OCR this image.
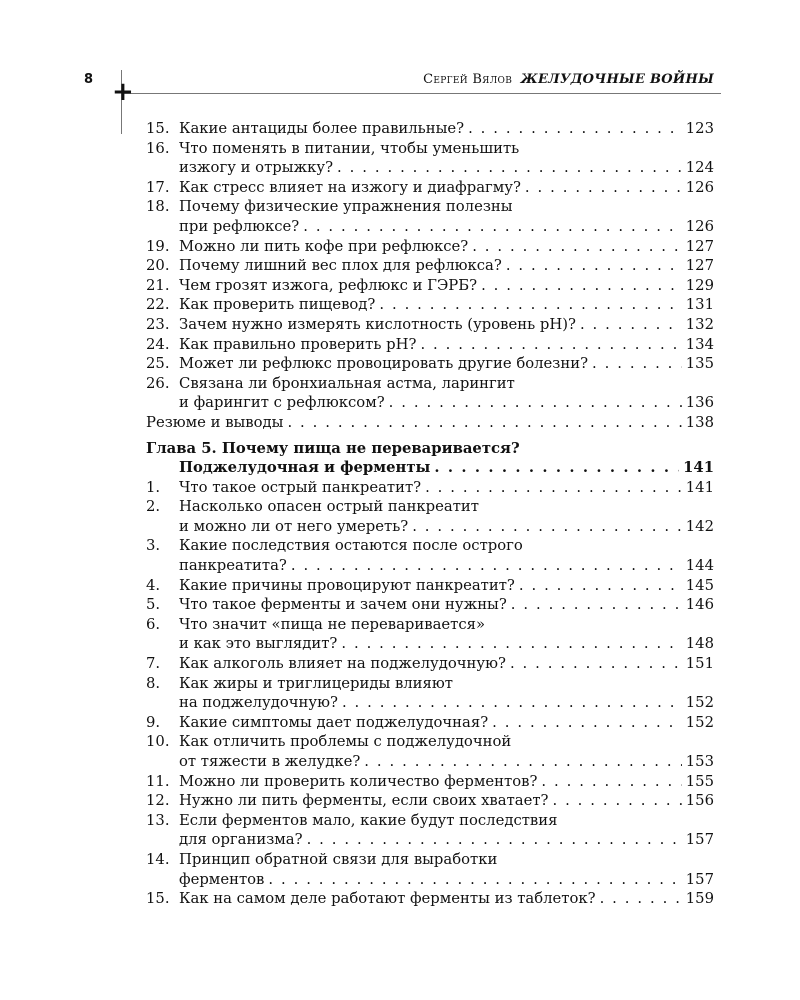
8 +	Сергей Вялов ЖЕЛУДОЧНЫЕ ВОЙНЫ
15. Какие антациды более правильные? . . .	123
16. Что поменять в питании, чтобы уменьшить
изжогу и отрыжку? . . .	124
17. Как стресс влияет на изжогу и диафрагму? . . .	126
18. Почему физические упражнения полезны
при рефлюксе? . . .	126
19. Можно ли пить кофе при рефлюксе? . . .	127
20. Почему лишний вес плох для рефлюкса? . . .	127
21. Чем грозят изжога, рефлюкс и ГЭРБ? . . .	129
22. Как проверить пищевод? . . .	131
23. Зачем нужно измерять кислотность (уровень pH)? . . .	132
24. Как правильно проверить pH? . . .	134
25. Может ли рефлюкс провоцировать другие болезни? . . .	135
26. Связана ли бронхиальная астма, ларингит
и фарингит с рефлюксом? . . .	136
Резюме и выводы . . .	138
Глава 5. Почему пища не переваривается?
Поджелудочная и ферменты . . .	141
1.	Что такое острый панкреатит? . . .	141
2.	Насколько опасен острый панкреатит
и можно ли от него умереть? . . .	142
3.	Какие последствия остаются после острого
панкреатита? . . .	144
4.	Какие причины провоцируют панкреатит? . . .	145
5.	Что такое ферменты и зачем они нужны? . . .	146
6.	Что значит «пища не переваривается»
и как это выглядит? . . .	148
7.	Как алкоголь влияет на поджелудочную? . . .	151
8.	Как жиры и триглицериды влияют
на поджелудочную? . . .	152
9.	Какие симптомы дает поджелудочная? . . .	152
10. Как отличить проблемы с поджелудочной
от тяжести в желудке? . . .	153
11. Можно ли проверить количество ферментов? . . .	155
12. Нужно ли пить ферменты, если своих хватает? . . .	156
13. Если ферментов мало, какие будут последствия
для организма? . . .	157
14. Принцип обратной связи для выработки
ферментов . . .	157
15. Как на самом деле работают ферменты из таблеток? . . .	159
